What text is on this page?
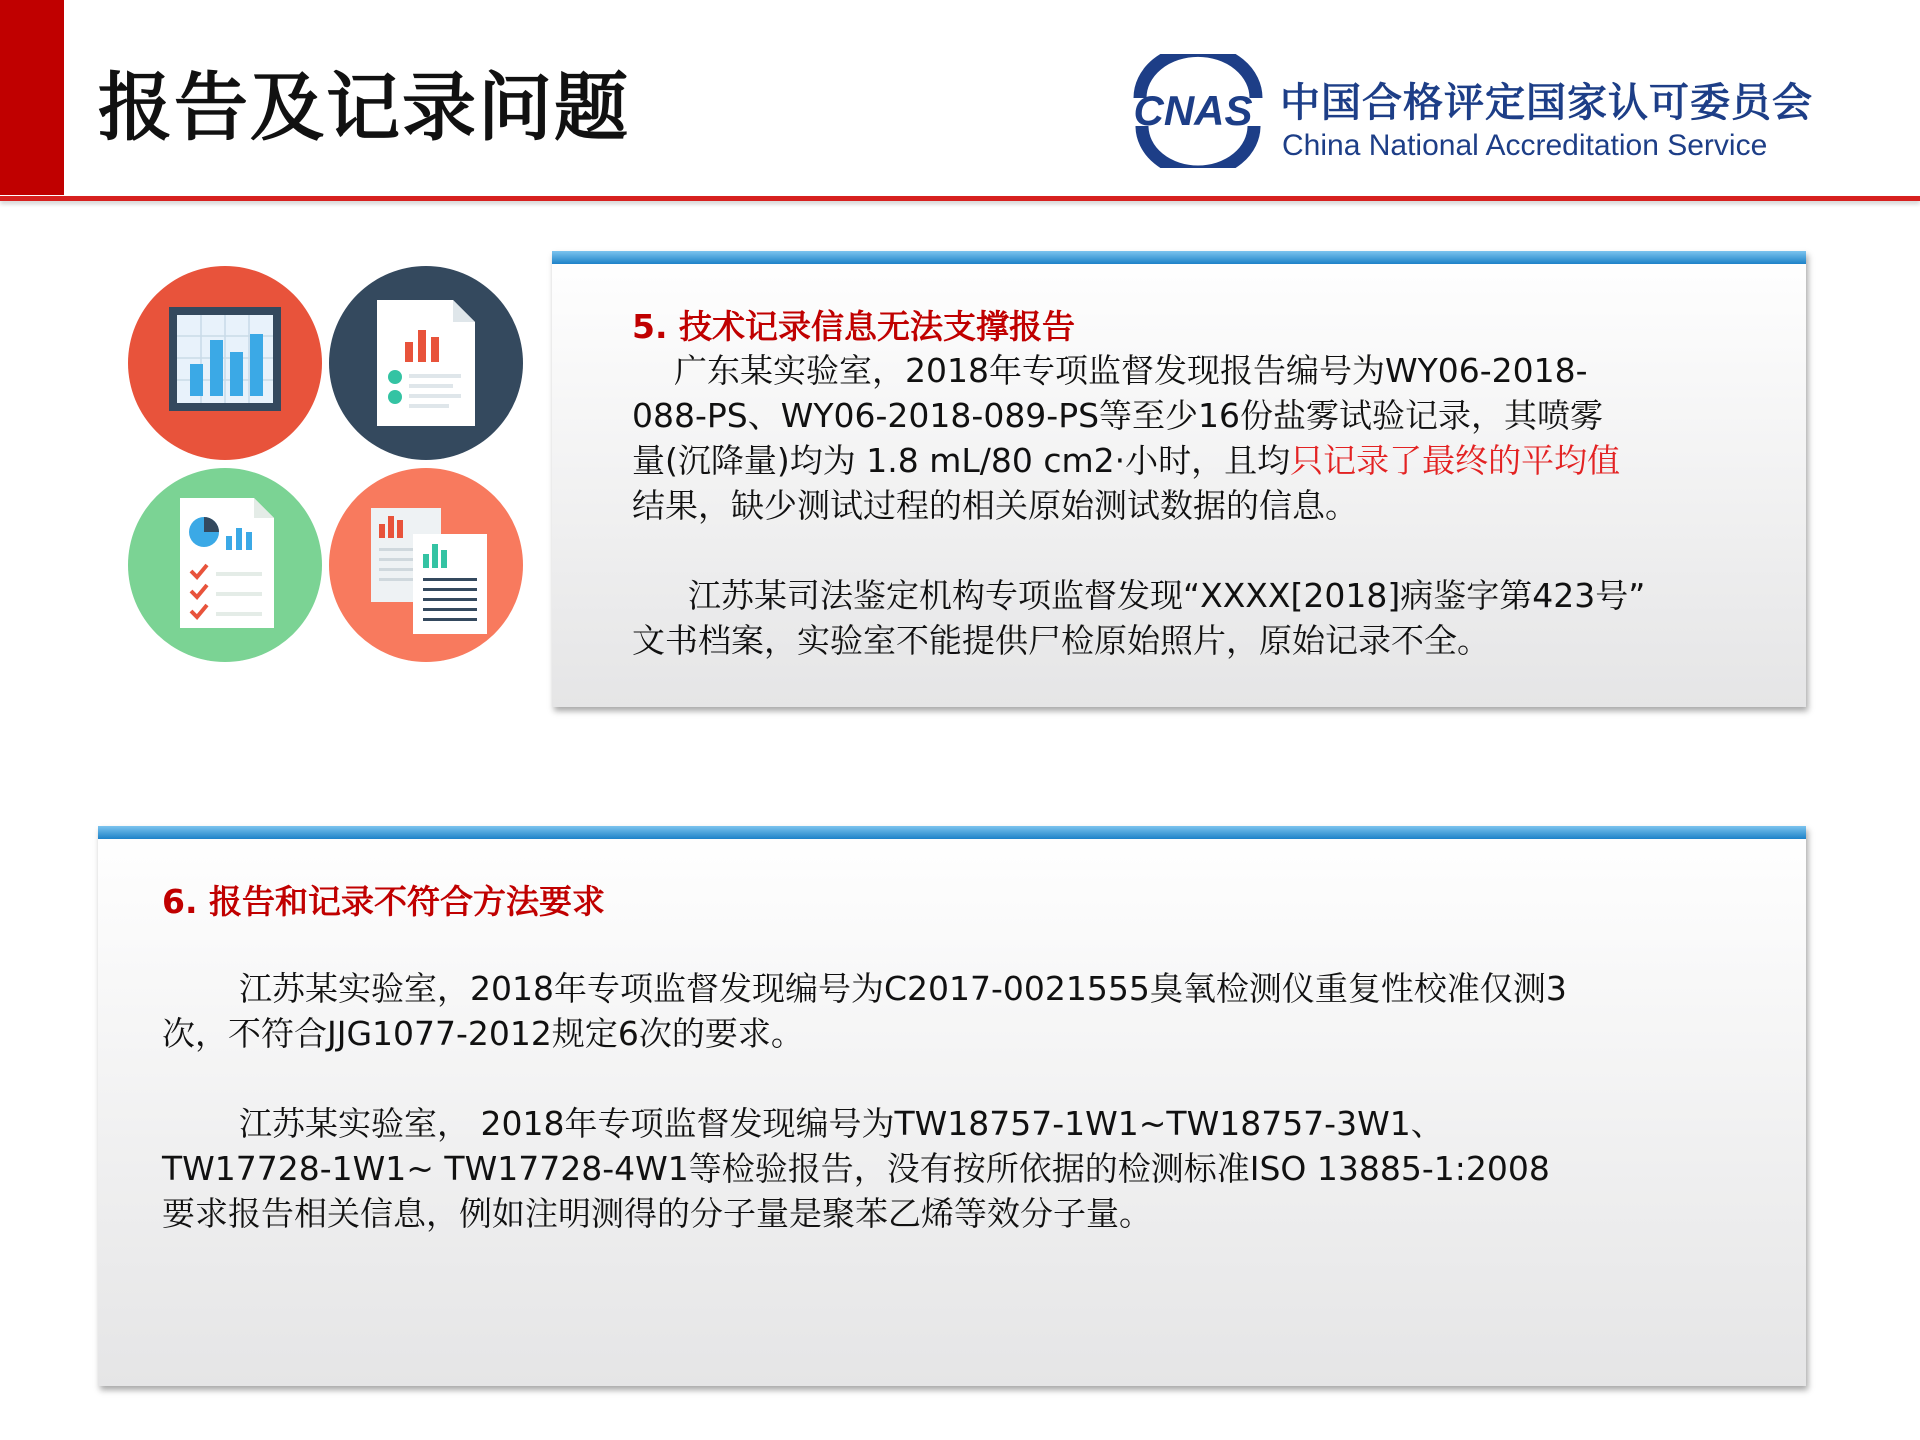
报告及记录问题	CNAS 中国合格评定国家认可委员会
China National Accreditation Service
5. 技术记录信息无法支撑报告
广东某实验室，2018年专项监督发现报告编号为WY06-2018-
088-PS、WY06-2018-089-PS等至少16份盐雾试验记录，其喷雾
量(沉降量)均为 1.8 mL/80 cm2·小时，且均只记录了最终的平均值
结果，缺少测试过程的相关原始测试数据的信息。
江苏某司法鉴定机构专项监督发现“XXXX[2018]病鉴字第423号”
文书档案，实验室不能提供尸检原始照片，原始记录不全。
6. 报告和记录不符合方法要求
江苏某实验室，2018年专项监督发现编号为C2017-0021555臭氧检测仪重复性校准仅测3
次，不符合JJG1077-2012规定6次的要求。
江苏某实验室， 2018年专项监督发现编号为TW18757-1W1~TW18757-3W1、
TW17728-1W1~ TW17728-4W1等检验报告，没有按所依据的检测标准ISO 13885-1:2008
要求报告相关信息，例如注明测得的分子量是聚苯乙烯等效分子量。
